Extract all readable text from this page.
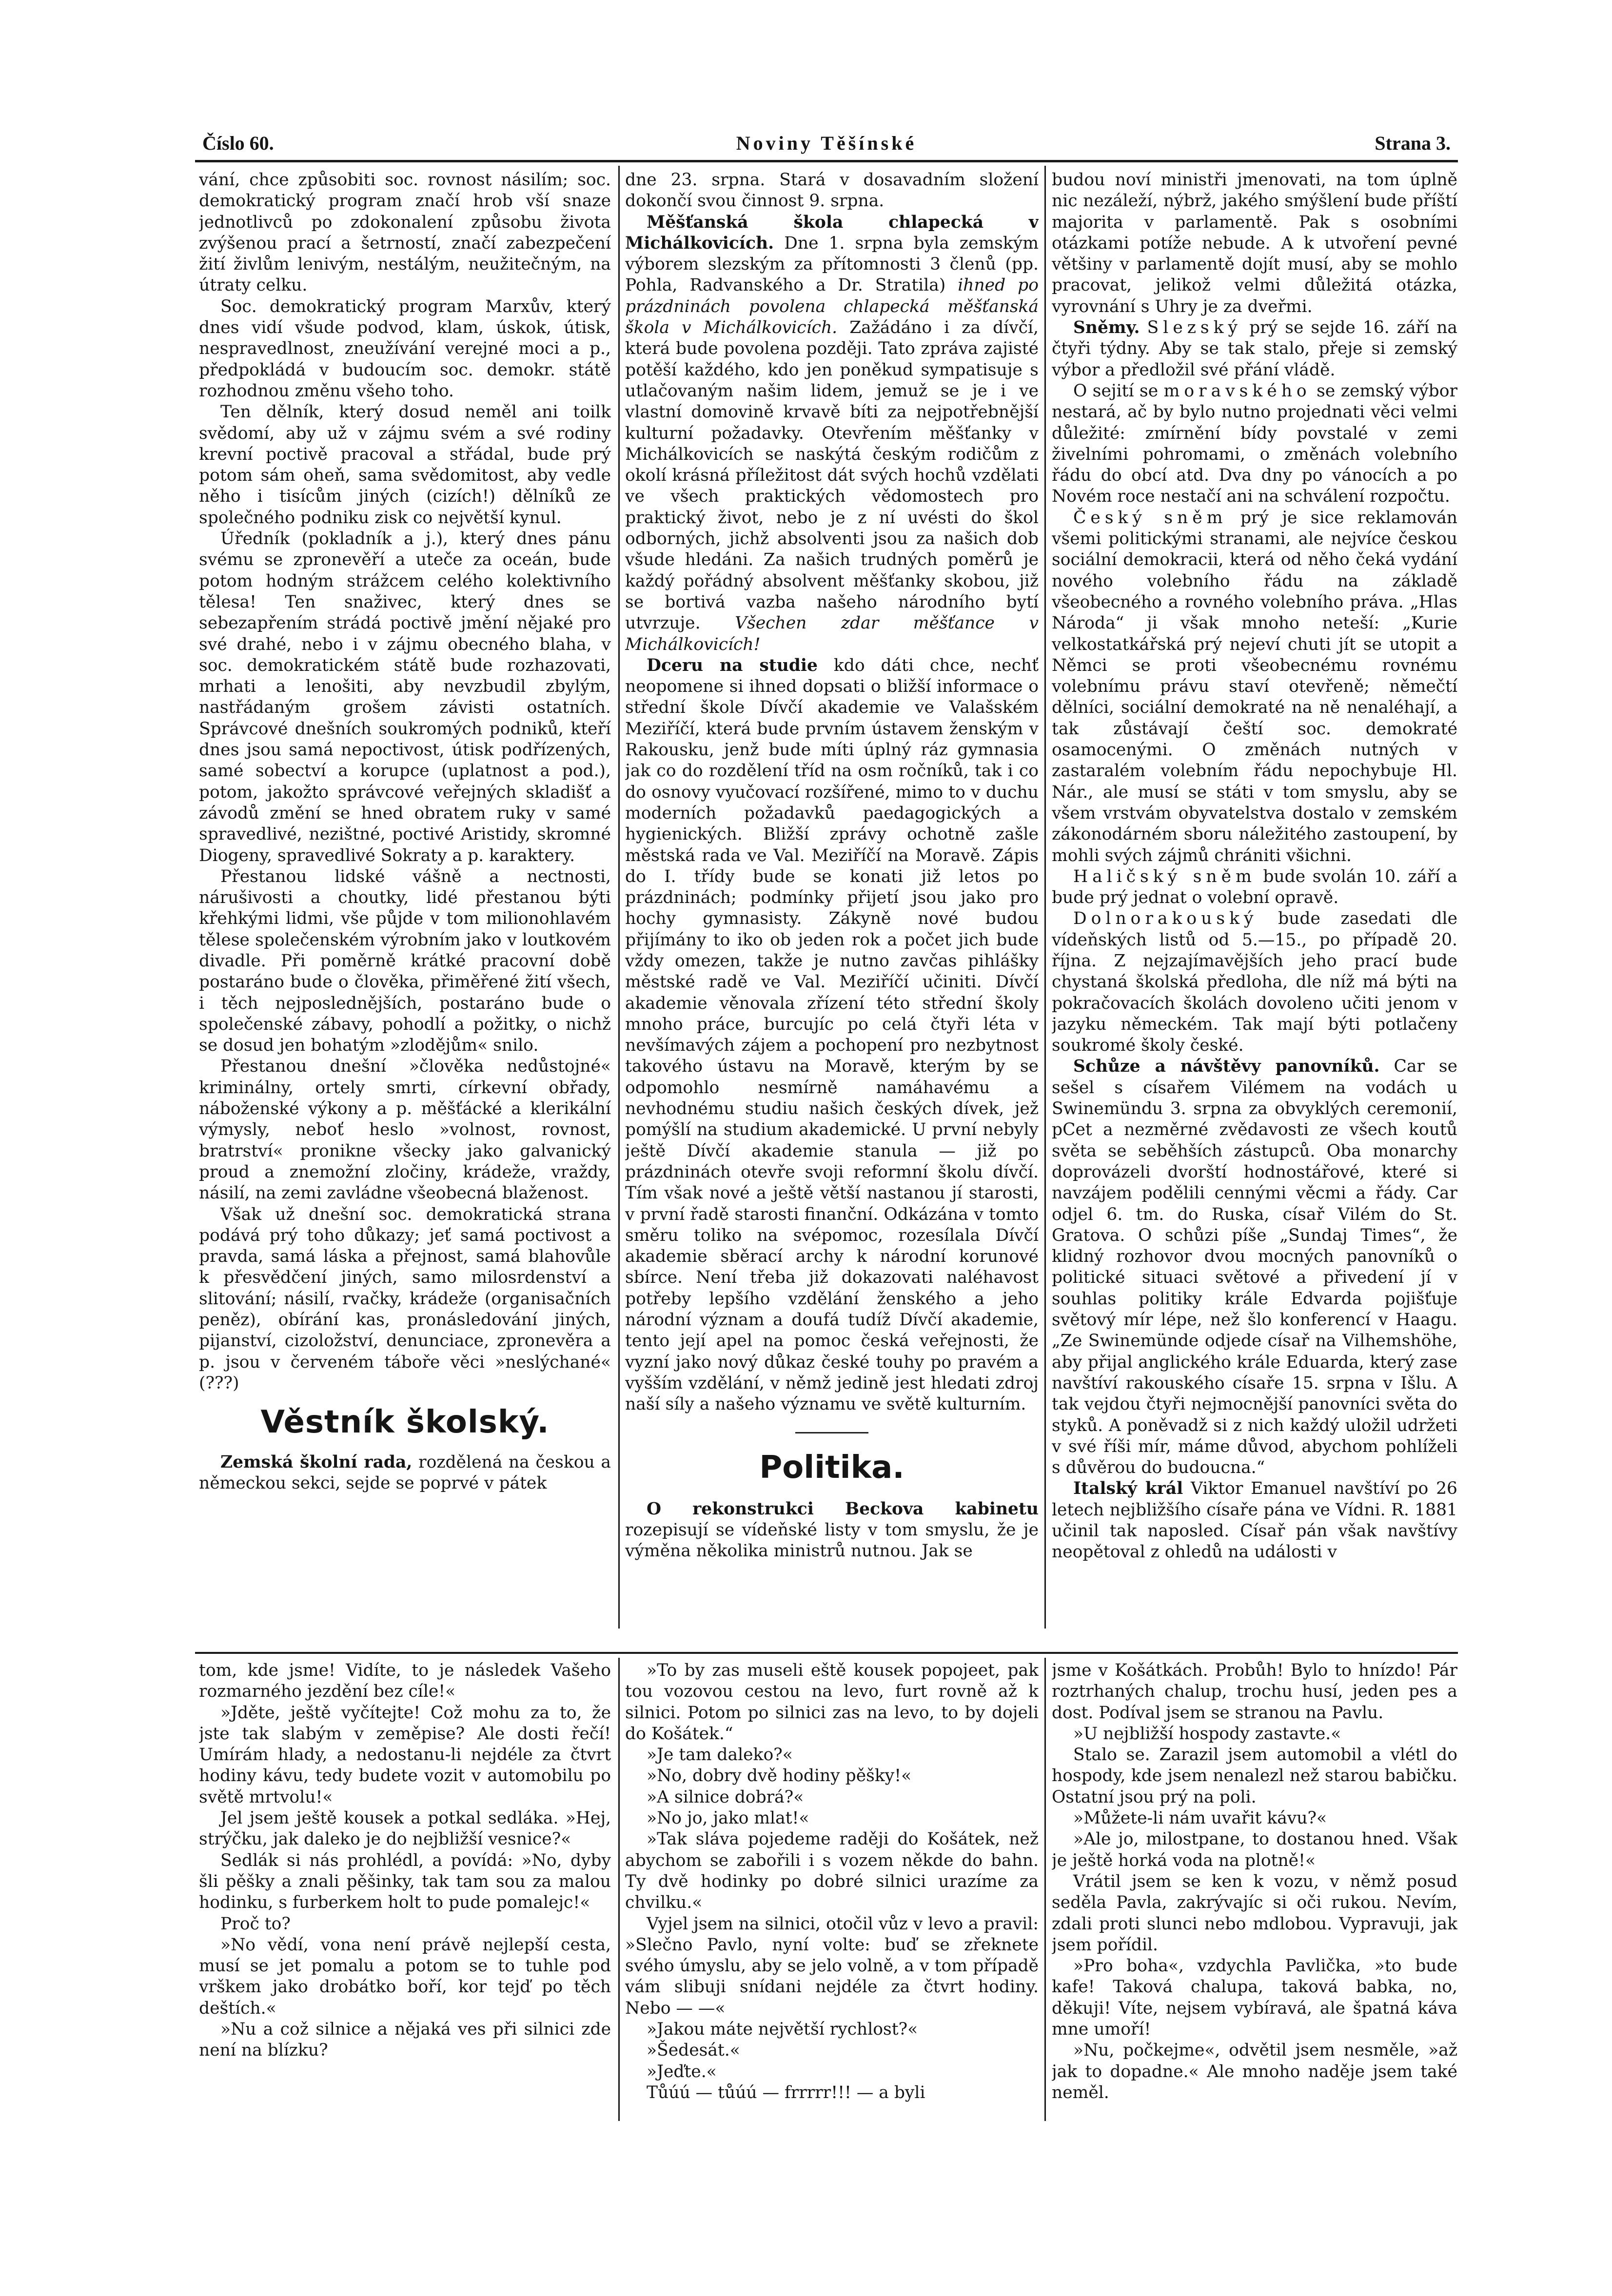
Číslo 60.	Noviny Těšínské	Strana 3.

vání, chce způsobiti soc. rovnost násilím; soc. demokratický program značí hrob vší snaze jednotlivců po zdokonalení způsobu života zvýšenou prací a šetrností, značí zabezpečení žití živlům lenivým, nestálým, neužitečným, na útraty celku.

Soc. demokratický program Marxův, který dnes vidí všude podvod, klam, úskok, útisk, nespravedlnost, zneužívání verejné moci a p., předpokládá v budoucím soc. demokr. státě rozhodnou změnu všeho toho.

Ten dělník, který dosud neměl ani toilk svědomí, aby už v zájmu svém a své rodiny krevní poctivě pracoval a střádal, bude prý potom sám oheň, sama svědomitost, aby vedle něho i tisícům jiných (cizích!) dělníků ze společného podniku zisk co největší kynul.

Úředník (pokladník a j.), který dnes pánu svému se zpronevěří a uteče za oceán, bude potom hodným strážcem celého kolektivního tělesa! Ten snaživec, který dnes se sebezapřením strádá poctivě jmění nějaké pro své drahé, nebo i v zájmu obecného blaha, v soc. demokratickém státě bude rozhazovati, mrhati a lenošiti, aby nevzbudil zbylým, nastřádaným grošem závisti ostatních. Správcové dnešních soukromých podniků, kteří dnes jsou samá nepoctivost, útisk podřízených, samé sobectví a korupce (uplatnost a pod.), potom, jakožto správcové veřejných skladišť a závodů změní se hned obratem ruky v samé spravedlivé, nezištné, poctivé Aristidy, skromné Diogeny, spravedlivé Sokraty a p. karaktery.

Přestanou lidské vášně a nectnosti, nárušivosti a choutky, lidé přestanou býti křehkými lidmi, vše půjde v tom milionohlavém tělese společenském výrobním jako v loutkovém divadle. Při poměrně krátké pracovní době postaráno bude o člověka, přiměřené žití všech, i těch nejposlednějších, postaráno bude o společenské zábavy, pohodlí a požitky, o nichž se dosud jen bohatým »zlodějům« snilo.

Přestanou dnešní »člověka nedůstojné« kriminálny, ortely smrti, církevní obřady, náboženské výkony a p. měšťácké a klerikální výmysly, neboť heslo »volnost, rovnost, bratrství« pronikne všecky jako galvanický proud a znemožní zločiny, krádeže, vraždy, násilí, na zemi zavládne všeobecná blaženost.

Však už dnešní soc. demokratická strana podává prý toho důkazy; jeť samá poctivost a pravda, samá láska a přejnost, samá blahovůle k přesvědčení jiných, samo milosrdenství a slitování; násilí, rvačky, krádeže (organisačních peněz), obírání kas, pronásledování jiných, pijanství, cizoložství, denunciace, zpronevěra a p. jsou v červeném táboře věci »neslýchané« (???)

Věstník školský.

Zemská školní rada, rozdělená na českou a německou sekci, sejde se poprvé v pátek

dne 23. srpna. Stará v dosavadním složení dokončí svou činnost 9. srpna.

Měšťanská škola chlapecká v Michálkovicích. Dne 1. srpna byla zemským výborem slezským za přítomnosti 3 členů (pp. Pohla, Radvanského a Dr. Stratila) ihned po prázdninách povolena chlapecká měšťanská škola v Michálkovicích. Zažádáno i za dívčí, která bude povolena později. Tato zpráva zajisté potěší každého, kdo jen poněkud sympatisuje s utlačovaným našim lidem, jemuž se je i ve vlastní domovině krvavě bíti za nejpotřebnější kulturní požadavky. Otevřením měšťanky v Michálkovicích se naskýtá českým rodičům z okolí krásná příležitost dát svých hochů vzdělati ve všech praktických vědomostech pro praktický život, nebo je z ní uvésti do škol odborných, jichž absolventi jsou za našich dob všude hledáni. Za našich trudných poměrů je každý pořádný absolvent měšťanky skobou, již se bortivá vazba našeho národního bytí utvrzuje. Všechen zdar měšťance v Michálkovicích!

Dceru na studie kdo dáti chce, nechť neopomene si ihned dopsati o bližší informace o střední škole Dívčí akademie ve Valašském Meziříčí, která bude prvním ústavem ženským v Rakousku, jenž bude míti úplný ráz gymnasia jak co do rozdělení tříd na osm ročníků, tak i co do osnovy vyučovací rozšířené, mimo to v duchu moderních požadavků paedagogických a hygienických. Bližší zprávy ochotně zašle městská rada ve Val. Meziříčí na Moravě. Zápis do I. třídy bude se konati již letos po prázdninách; podmínky přijetí jsou jako pro hochy gymnasisty. Zákyně nové budou přijímány to iko ob jeden rok a počet jich bude vždy omezen, takže je nutno zavčas pihlášky městské radě ve Val. Meziříčí učiniti. Dívčí akademie věnovala zřízení této střední školy mnoho práce, burcujíc po celá čtyři léta v nevšímavých zájem a pochopení pro nezbytnost takového ústavu na Moravě, kterým by se odpomohlo nesmírně namáhavému a nevhodnému studiu našich českých dívek, jež pomýšlí na studium akademické. U první nebyly ještě Dívčí akademie stanula — již po prázdninách otevře svoji reformní školu dívčí. Tím však nové a ještě větší nastanou jí starosti, v první řadě starosti finanční. Odkázána v tomto směru toliko na svépomoc, rozesílala Dívčí akademie sběrací archy k národní korunové sbírce. Není třeba již dokazovati naléhavost potřeby lepšího vzdělání ženského a jeho národní význam a doufá tudíž Dívčí akademie, tento její apel na pomoc česká veřejnosti, že vyzní jako nový důkaz české touhy po pravém a vyšším vzdělání, v němž jedině jest hledati zdroj naší síly a našeho významu ve světě kulturním.

Politika.

O rekonstrukci Beckova kabinetu rozepisují se vídeňské listy v tom smyslu, že je výměna několika ministrů nutnou. Jak se

budou noví ministři jmenovati, na tom úplně nic nezáleží, nýbrž, jakého smýšlení bude příští majorita v parlamentě. Pak s osobními otázkami potíže nebude. A k utvoření pevné většiny v parlamentě dojít musí, aby se mohlo pracovat, jelikož velmi důležitá otázka, vyrovnání s Uhry je za dveřmi.

Sněmy. Slezský prý se sejde 16. září na čtyři týdny. Aby se tak stalo, přeje si zemský výbor a předložil své přání vládě.

O sejití se moravského se zemský výbor nestará, ač by bylo nutno projednati věci velmi důležité: zmírnění bídy povstalé v zemi živelními pohromami, o změnách volebního řádu do obcí atd. Dva dny po vánocích a po Novém roce nestačí ani na schválení rozpočtu.

Český sněm prý je sice reklamován všemi politickými stranami, ale nejvíce českou sociální demokracii, která od něho čeká vydání nového volebního řádu na základě všeobecného a rovného volebního práva. „Hlas Národa“ ji však mnoho neteší: „Kurie velkostatkářská prý nejeví chuti jít se utopit a Němci se proti všeobecnému rovnému volebnímu právu staví otevřeně; němečtí dělníci, sociální demokraté na ně nenaléhají, a tak zůstávají čeští soc. demokraté osamocenými. O změnách nutných v zastaralém volebním řádu nepochybuje Hl. Nár., ale musí se státi v tom smyslu, aby se všem vrstvám obyvatelstva dostalo v zemském zákonodárném sboru náležitého zastoupení, by mohli svých zájmů chrániti všichni.

Haličský sněm bude svolán 10. září a bude prý jednat o volební opravě.

Dolnorakouský bude zasedati dle vídeňských listů od 5.—15., po případě 20. října. Z nejzajímavějších jeho prací bude chystaná školská předloha, dle níž má býti na pokračovacích školách dovoleno učiti jenom v jazyku německém. Tak mají býti potlačeny soukromé školy české.

Schůze a návštěvy panovníků. Car se sešel s císařem Vilémem na vodách u Swinemündu 3. srpna za obvyklých ceremonií, pCet a nezměrné zvědavosti ze všech koutů světa se seběhších zástupců. Oba monarchy doprovázeli dvorští hodnostářové, které si navzájem podělili cennými věcmi a řády. Car odjel 6. tm. do Ruska, císař Vilém do St. Gratova. O schůzi píše „Sundaj Times“, že klidný rozhovor dvou mocných panovníků o politické situaci světové a přivedení jí v souhlas politiky krále Edvarda pojišťuje světový mír lépe, než šlo konferencí v Haagu. „Ze Swinemünde odjede císař na Vilhemshöhe, aby přijal anglického krále Eduarda, který zase navštíví rakouského císaře 15. srpna v Išlu. A tak vejdou čtyři nejmocnější panovníci světa do styků. A poněvadž si z nich každý uložil udržeti v své říši mír, máme důvod, abychom pohlíželi s důvěrou do budoucna.“

Italský král Viktor Emanuel navštíví po 26 letech nejbližšího císaře pána ve Vídni. R. 1881 učinil tak naposled. Císař pán však navštívy neopětoval z ohledů na události v

tom, kde jsme! Vidíte, to je následek Vašeho rozmarného jezdění bez cíle!«

»Jděte, ještě vyčítejte! Což mohu za to, že jste tak slabým v zeměpise? Ale dosti řečí! Umírám hlady, a nedostanu-li nejdéle za čtvrt hodiny kávu, tedy budete vozit v automobilu po světě mrtvolu!«

Jel jsem ještě kousek a potkal sedláka. »Hej, strýčku, jak daleko je do nejbližší vesnice?«

Sedlák si nás prohlédl, a povídá: »No, dyby šli pěšky a znali pěšinky, tak tam sou za malou hodinku, s furberkem holt to pude pomalejc!«

Proč to?

»No vědí, vona není právě nejlepší cesta, musí se jet pomalu a potom se to tuhle pod vrškem jako drobátko boří, kor tejď po těch deštích.«

»Nu a což silnice a nějaká ves při silnici zde není na blízku?

»To by zas museli eště kousek popojeet, pak tou vozovou cestou na levo, furt rovně až k silnici. Potom po silnici zas na levo, to by dojeli do Košátek.“

»Je tam daleko?«

»No, dobry dvě hodiny pěšky!«

»A silnice dobrá?«

»No jo, jako mlat!«

»Tak sláva pojedeme raději do Košátek, než abychom se zabořili i s vozem někde do bahn. Ty dvě hodinky po dobré silnici urazíme za chvilku.«

Vyjel jsem na silnici, otočil vůz v levo a pravil: »Slečno Pavlo, nyní volte: buď se zřeknete svého úmyslu, aby se jelo volně, a v tom případě vám slibuji snídani nejdéle za čtvrt hodiny. Nebo — —«

»Jakou máte největší rychlost?«

»Šedesát.«

»Jeďte.«

Tůúú — tůúú — frrrrr!!! — a byli

jsme v Košátkách. Probůh! Bylo to hnízdo! Pár roztrhaných chalup, trochu husí, jeden pes a dost. Podíval jsem se stranou na Pavlu.

»U nejbližší hospody zastavte.«

Stalo se. Zarazil jsem automobil a vlétl do hospody, kde jsem nenalezl než starou babičku. Ostatní jsou prý na poli.

»Můžete-li nám uvařit kávu?«

»Ale jo, milostpane, to dostanou hned. Však je ještě horká voda na plotně!«

Vrátil jsem se ken k vozu, v němž posud seděla Pavla, zakrývajíc si oči rukou. Nevím, zdali proti slunci nebo mdlobou. Vypravuji, jak jsem pořídil.

»Pro boha«, vzdychla Pavlička, »to bude kafe! Taková chalupa, taková babka, no, děkuji! Víte, nejsem vybíravá, ale špatná káva mne umoří!

»Nu, počkejme«, odvětil jsem nesměle, »až jak to dopadne.« Ale mnoho naděje jsem také neměl.
